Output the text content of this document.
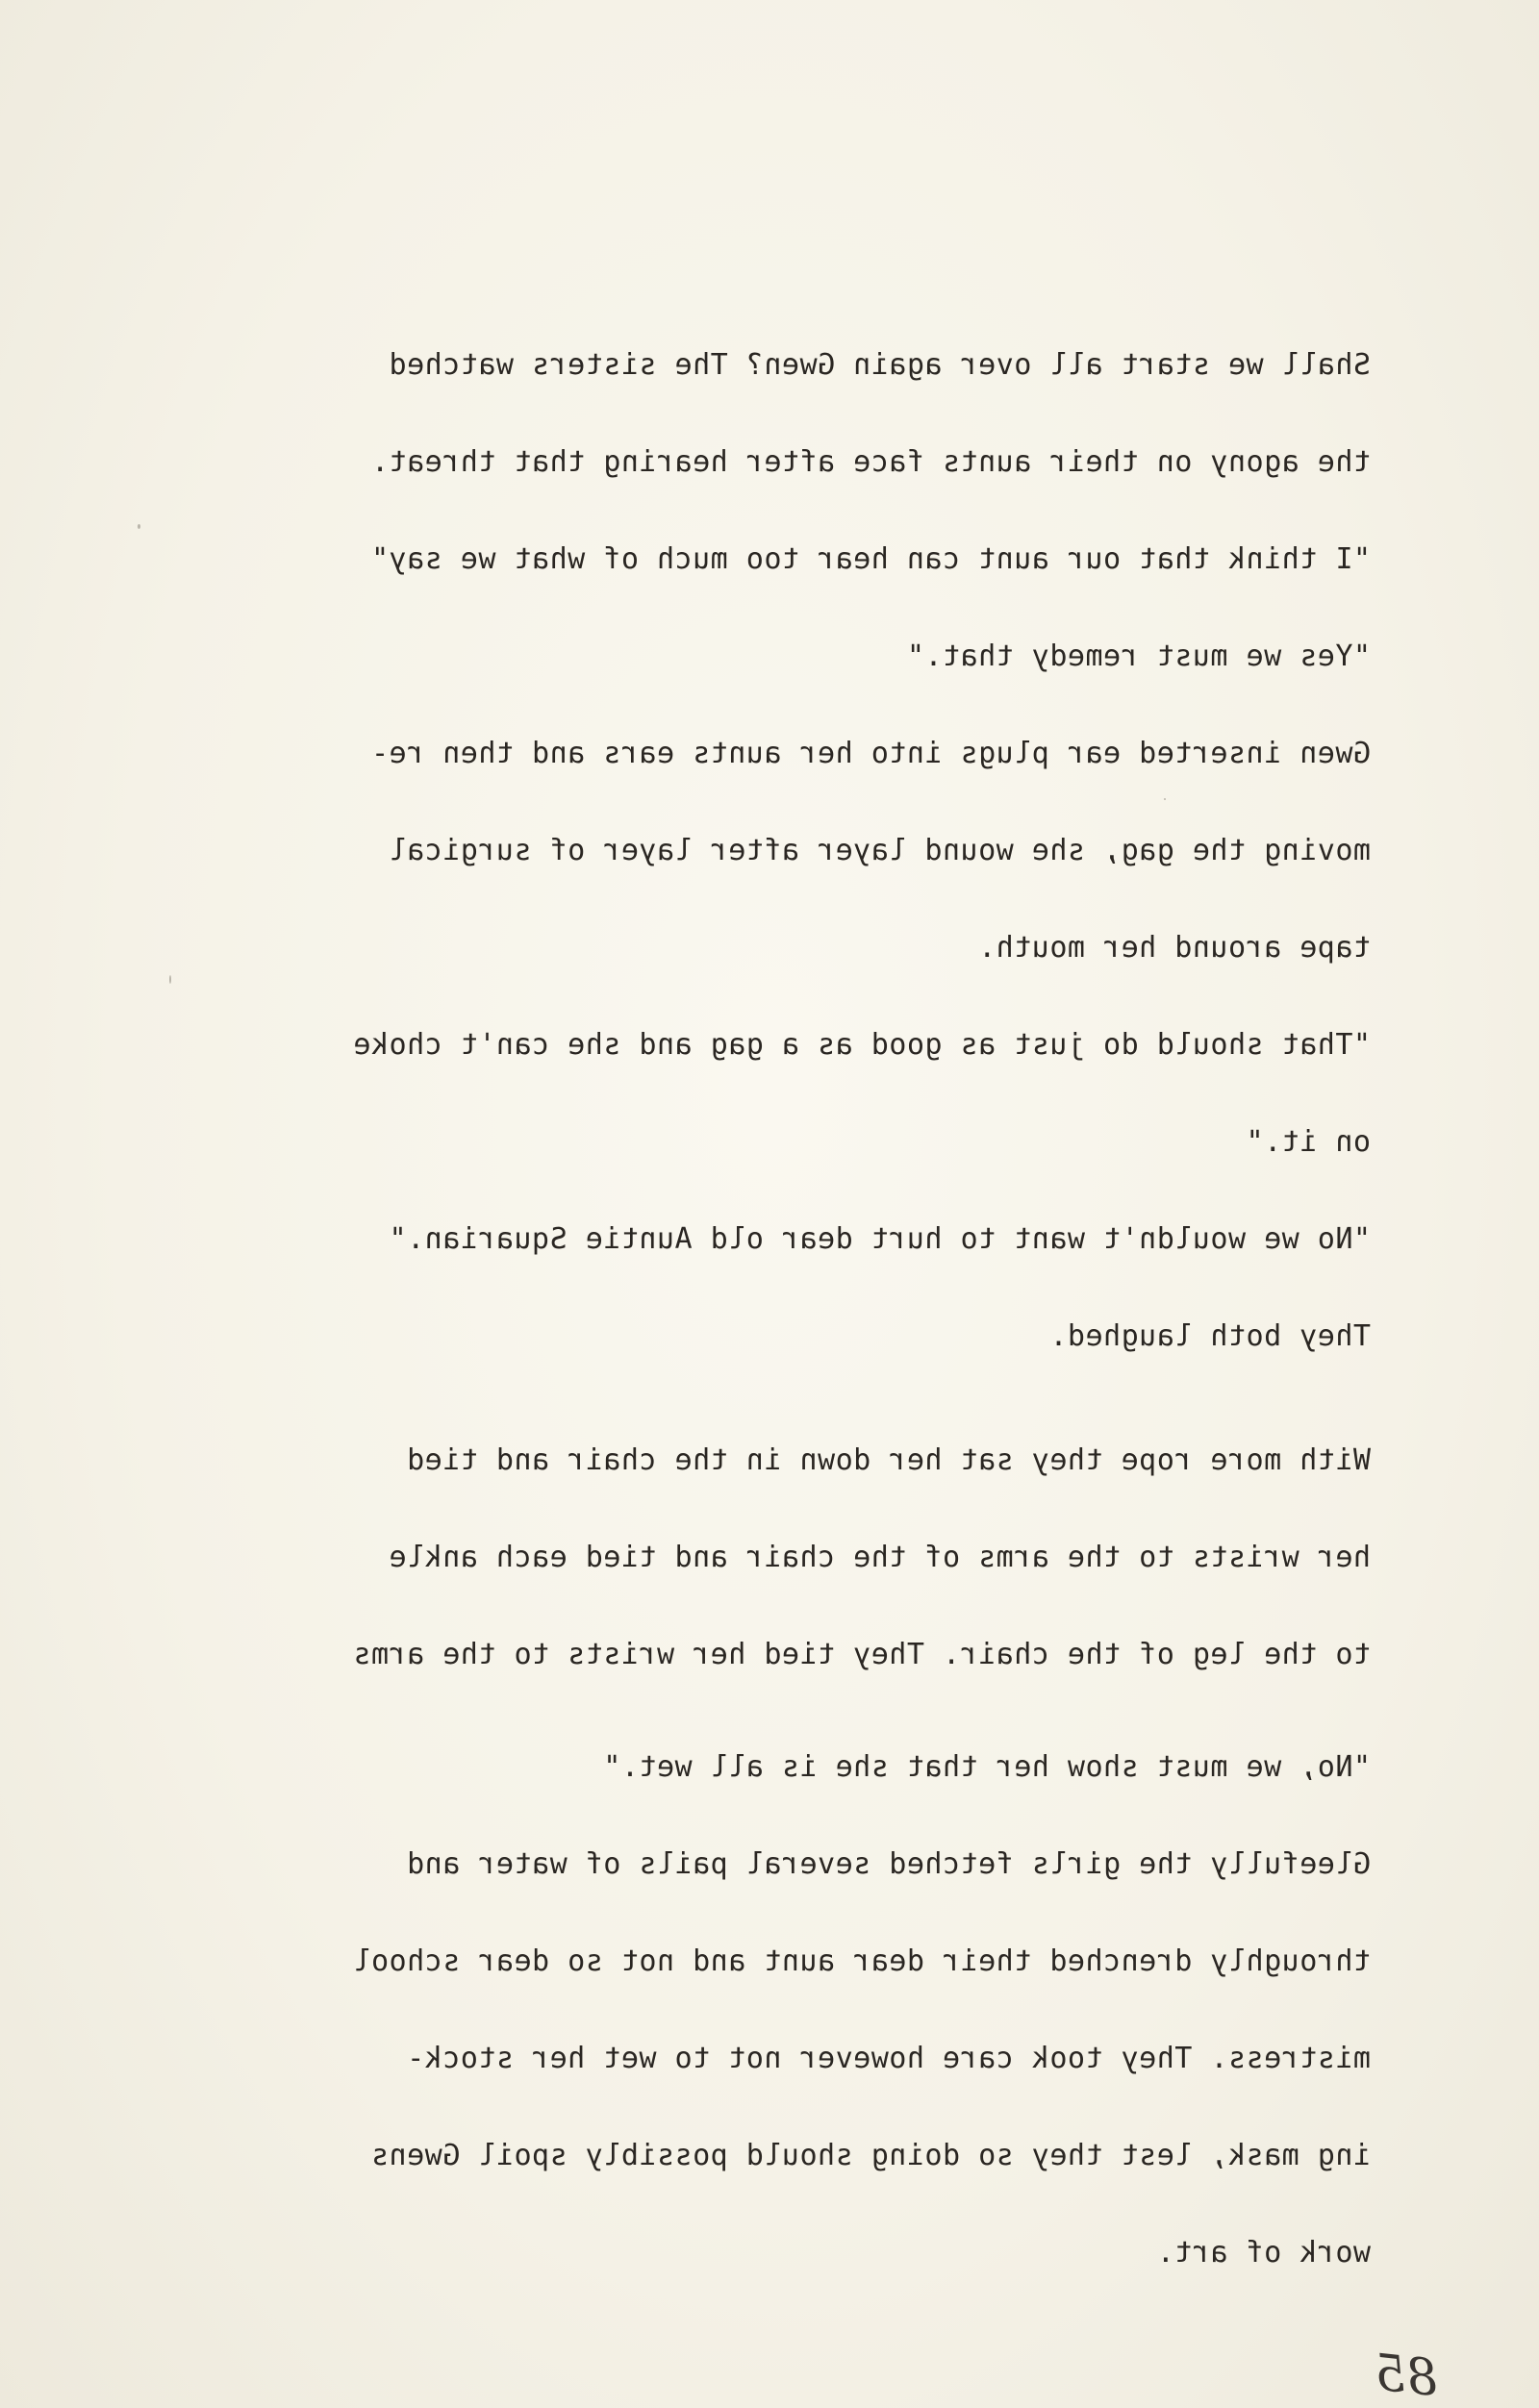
Shall we start all over again Gwen? The sisters watched
the agony on their aunts face after hearing that threat.
"I think that our aunt can hear too much of what we say"
"Yes we must remedy that."
Gwen inserted ear plugs into her aunts ears and then re-
moving the gag, she wound layer after layer of surgical
tape around her mouth.
"That should do just as good as a gag and she can't choke
on it."
"No we wouldn't want to hurt dear old Auntie Squarian."
They both laughed.
With more rope they sat her down in the chair and tied
her wrists to the arms of the chair and tied each ankle
to the leg of the chair. They tied her wrists to the arms
"No, we must show her that she is all wet."
Gleefully the girls fetched several pails of water and
throughly drenched their dear aunt and not so dear school
mistress. They took care however not to wet her stock-
ing mask, lest they so doing should possibly spoil Gwens
work of art.
85
